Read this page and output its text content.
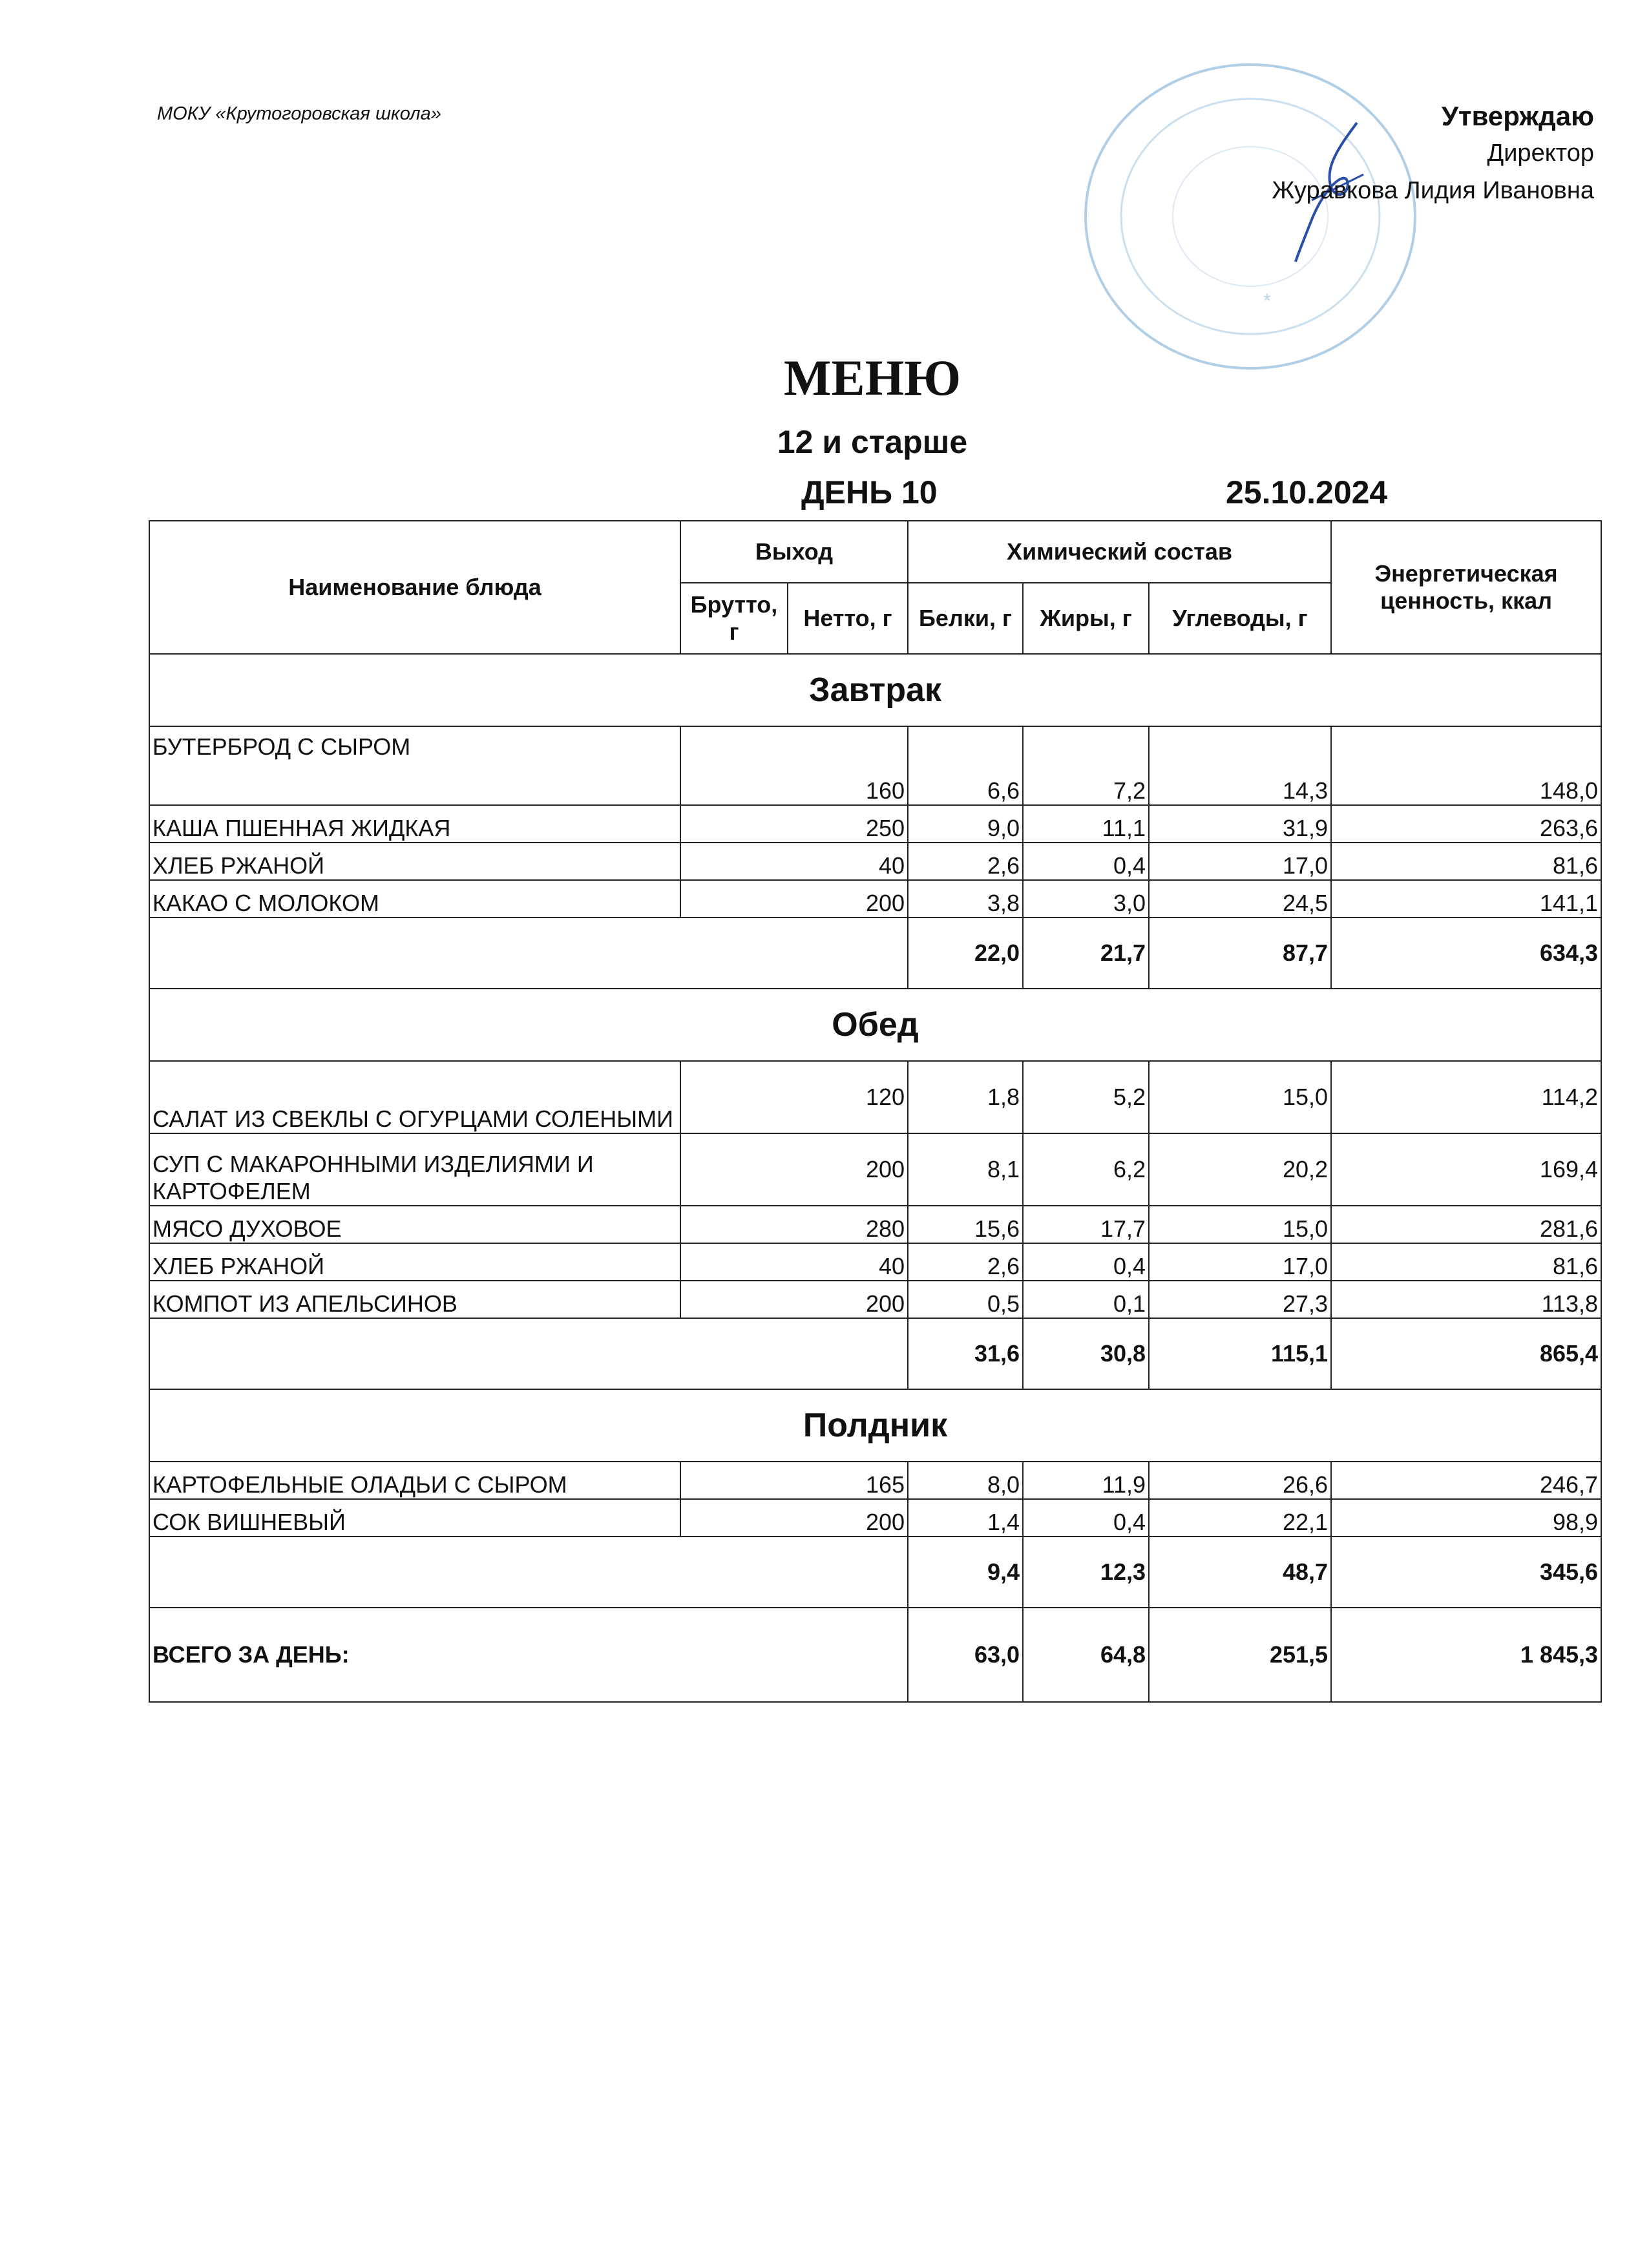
МОКУ «Крутогоровская школа»
*
Утверждаю
Директор
Журавкова Лидия Ивановна
МЕНЮ
12 и старше
ДЕНЬ 10	25.10.2024
Наименование блюда	Выход		Химический состав			Энергетическая ценность, ккал
	Брутто, г	Нетто, г	Белки, г	Жиры, г	Углеводы, г	
Завтрак						
БУТЕРБРОД С СЫРОМ	160		6,6	7,2	14,3	148,0
КАША ПШЕННАЯ ЖИДКАЯ	250		9,0	11,1	31,9	263,6
ХЛЕБ РЖАНОЙ	40		2,6	0,4	17,0	81,6
КАКАО С МОЛОКОМ	200		3,8	3,0	24,5	141,1
			22,0	21,7	87,7	634,3
Обед						
САЛАТ ИЗ СВЕКЛЫ С ОГУРЦАМИ СОЛЕНЫМИ	120		1,8	5,2	15,0	114,2
СУП С МАКАРОННЫМИ ИЗДЕЛИЯМИ И КАРТОФЕЛЕМ	200		8,1	6,2	20,2	169,4
МЯСО ДУХОВОЕ	280		15,6	17,7	15,0	281,6
ХЛЕБ РЖАНОЙ	40		2,6	0,4	17,0	81,6
КОМПОТ ИЗ АПЕЛЬСИНОВ	200		0,5	0,1	27,3	113,8
			31,6	30,8	115,1	865,4
Полдник						
КАРТОФЕЛЬНЫЕ ОЛАДЬИ С СЫРОМ	165		8,0	11,9	26,6	246,7
СОК ВИШНЕВЫЙ	200		1,4	0,4	22,1	98,9
			9,4	12,3	48,7	345,6
ВСЕГО ЗА ДЕНЬ:			63,0	64,8	251,5	1 845,3
